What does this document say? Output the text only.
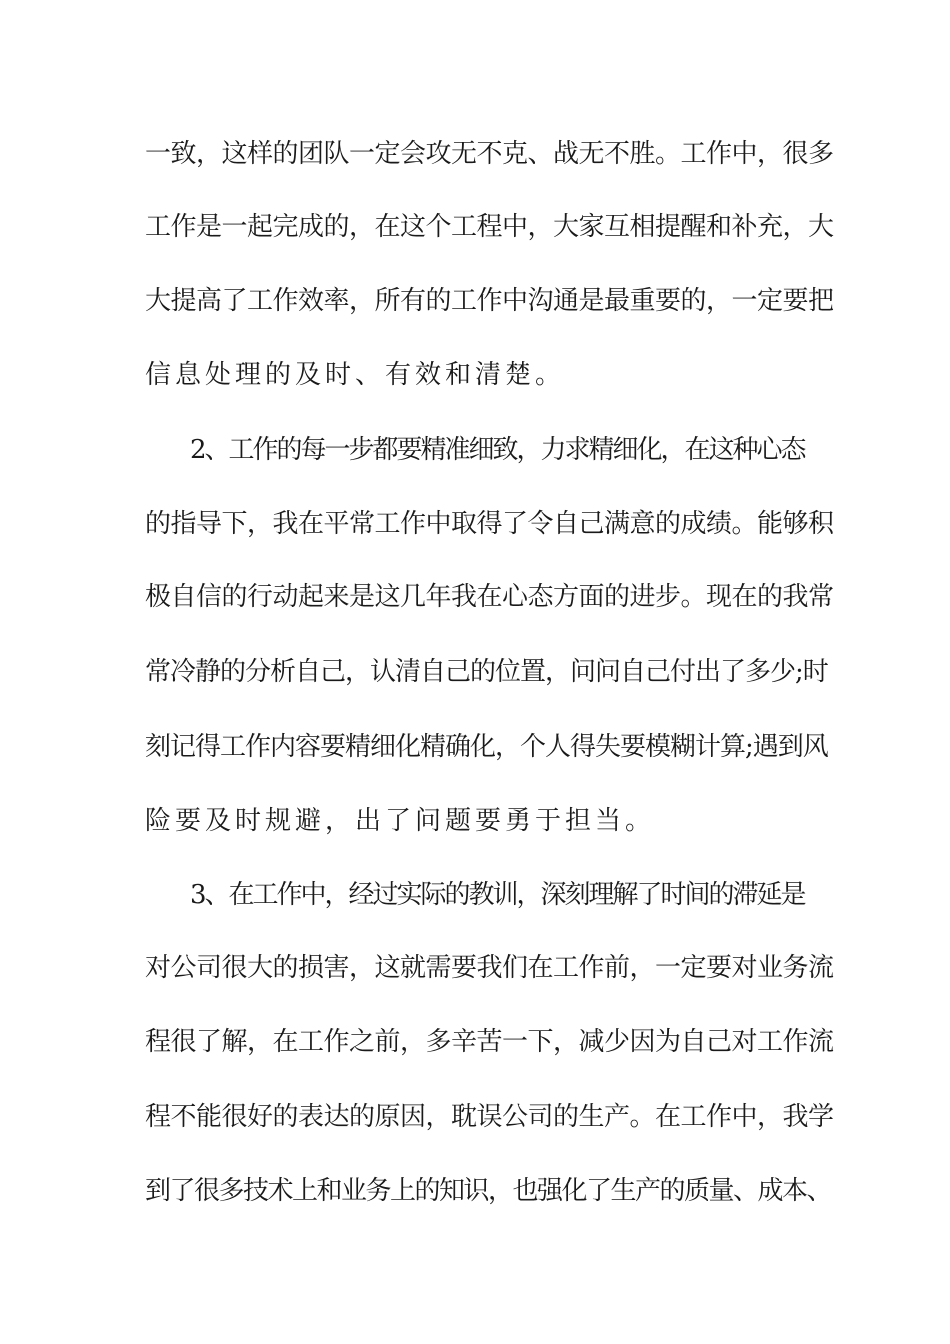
一致，这样的团队一定会攻无不克、战无不胜。工作中，很多
工作是一起完成的，在这个工程中，大家互相提醒和补充，大
大提高了工作效率，所有的工作中沟通是最重要的，一定要把
信息处理的及时、有效和清楚。
2、工作的每一步都要精准细致，力求精细化，在这种心态
的指导下，我在平常工作中取得了令自己满意的成绩。能够积
极自信的行动起来是这几年我在心态方面的进步。现在的我常
常冷静的分析自己，认清自己的位置，问问自己付出了多少;时
刻记得工作内容要精细化精确化，个人得失要模糊计算;遇到风
险要及时规避，出了问题要勇于担当。
3、在工作中，经过实际的教训，深刻理解了时间的滞延是
对公司很大的损害，这就需要我们在工作前，一定要对业务流
程很了解，在工作之前，多辛苦一下，减少因为自己对工作流
程不能很好的表达的原因，耽误公司的生产。在工作中，我学
到了很多技术上和业务上的知识，也强化了生产的质量、成本、
